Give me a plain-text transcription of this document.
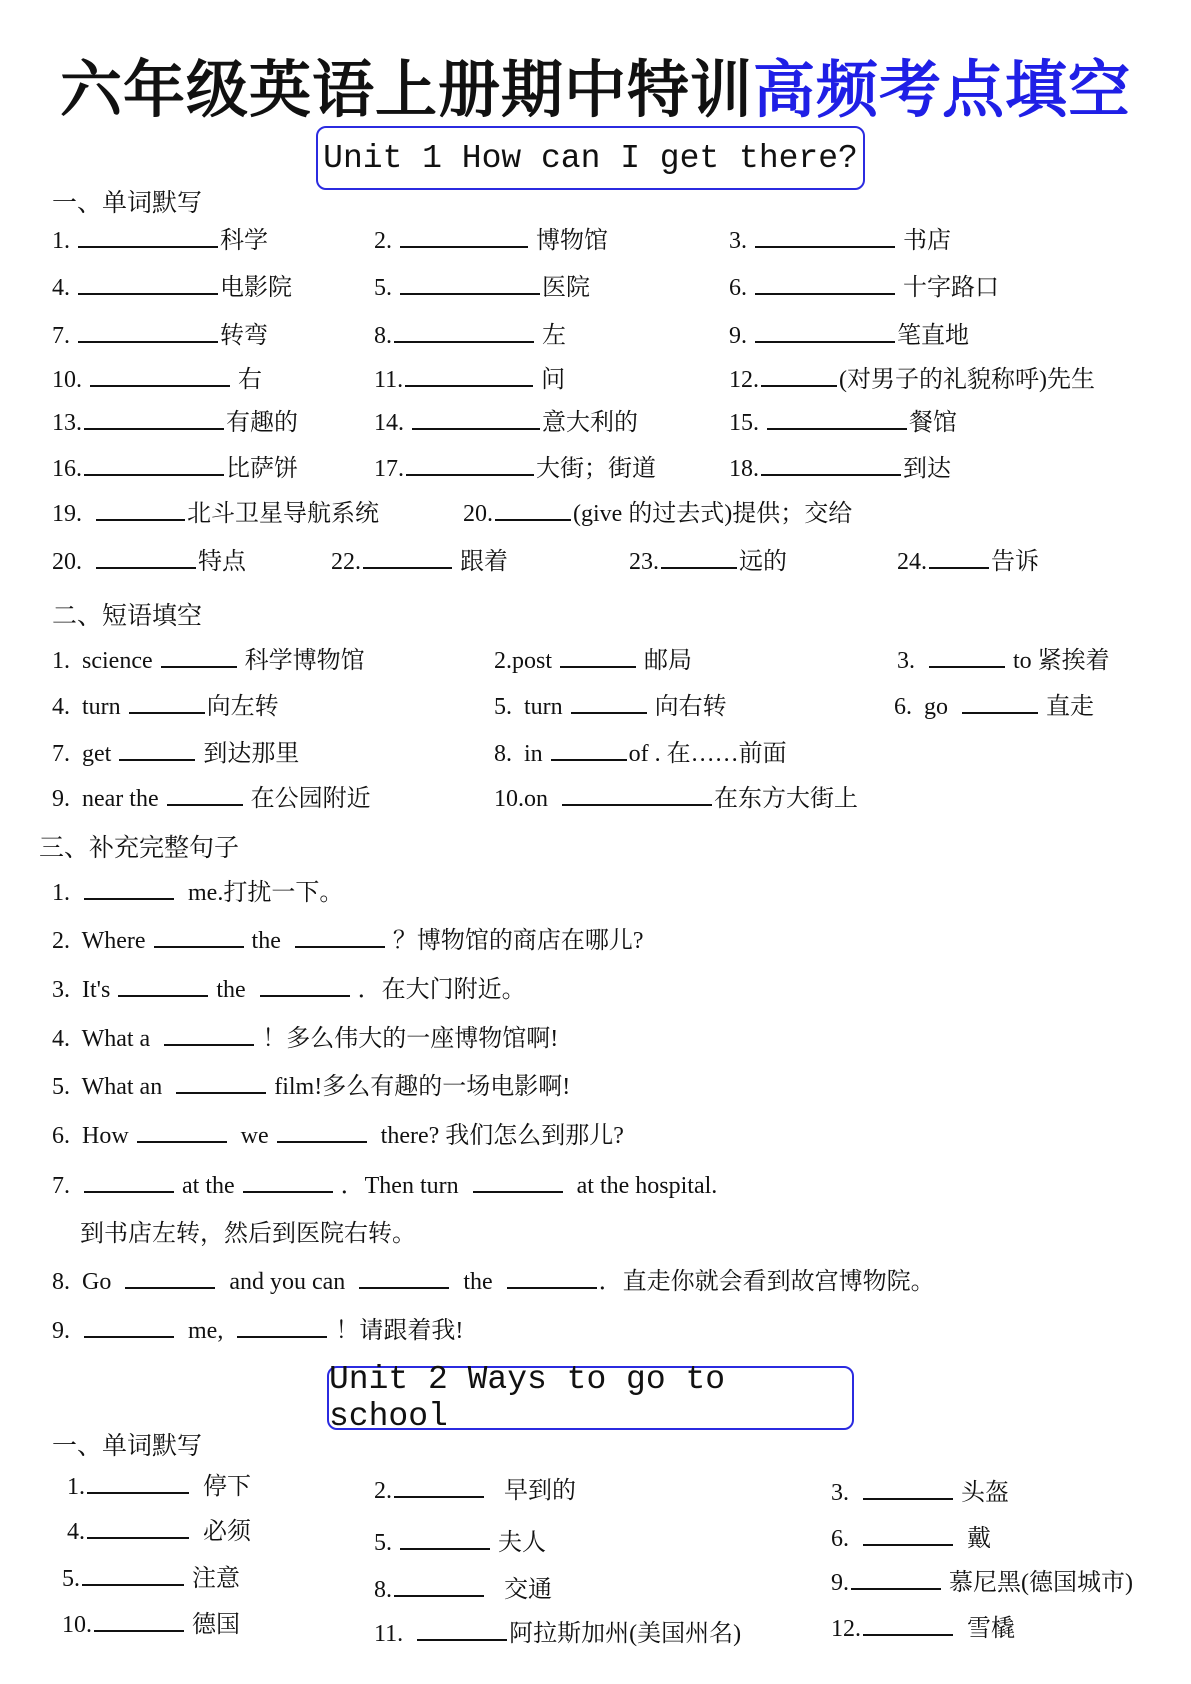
六年级英语上册期中特训高频考点填空
Unit 1 How can I get there?
一、单词默写
1.	科学	2.	博物馆	3.	书店
4.	电影院	5.	医院	6.	十字路口
7.	转弯	8.	左	9.	笔直地
10.	右	11.	问	12.	(对男子的礼貌称呼)先生
13.	有趣的	14.	意大利的	15.	餐馆
16.	比萨饼	17.	大街；街道	18.	到达
19.	北斗卫星导航系统	20.	(give 的过去式)提供；交给
20.	特点	22.	跟着	23.	远的	24.	告诉
二、短语填空
1. science	科学博物馆	2.post	邮局	3.	to 紧挨着
4. turn	向左转	5. turn	向右转	6. go	直走
7. get	到达那里	8. in	of . 在……前面
9. near the	在公园附近	10.on	在东方大街上
三、补充完整句子
1.	me.打扰一下。
2. Where	the	？博物馆的商店在哪儿?
3. It's	the	．在大门附近。
4. What a	！多么伟大的一座博物馆啊!
5. What an	film!多么有趣的一场电影啊!
6. How	we	there? 我们怎么到那儿?
7.	at the	．Then turn	at the hospital.
到书店左转，然后到医院右转。
8. Go	and you can	the	．直走你就会看到故宫博物院。
9.	me,	！请跟着我!
Unit 2 Ways to go to school
一、单词默写
1.	停下	2.	早到的	3.	头盔
4.	必须	5.	夫人	6.	戴
5.	注意	8.	交通	9.	慕尼黑(德国城市)
10.	德国	11.	阿拉斯加州(美国州名)	12.	雪橇
